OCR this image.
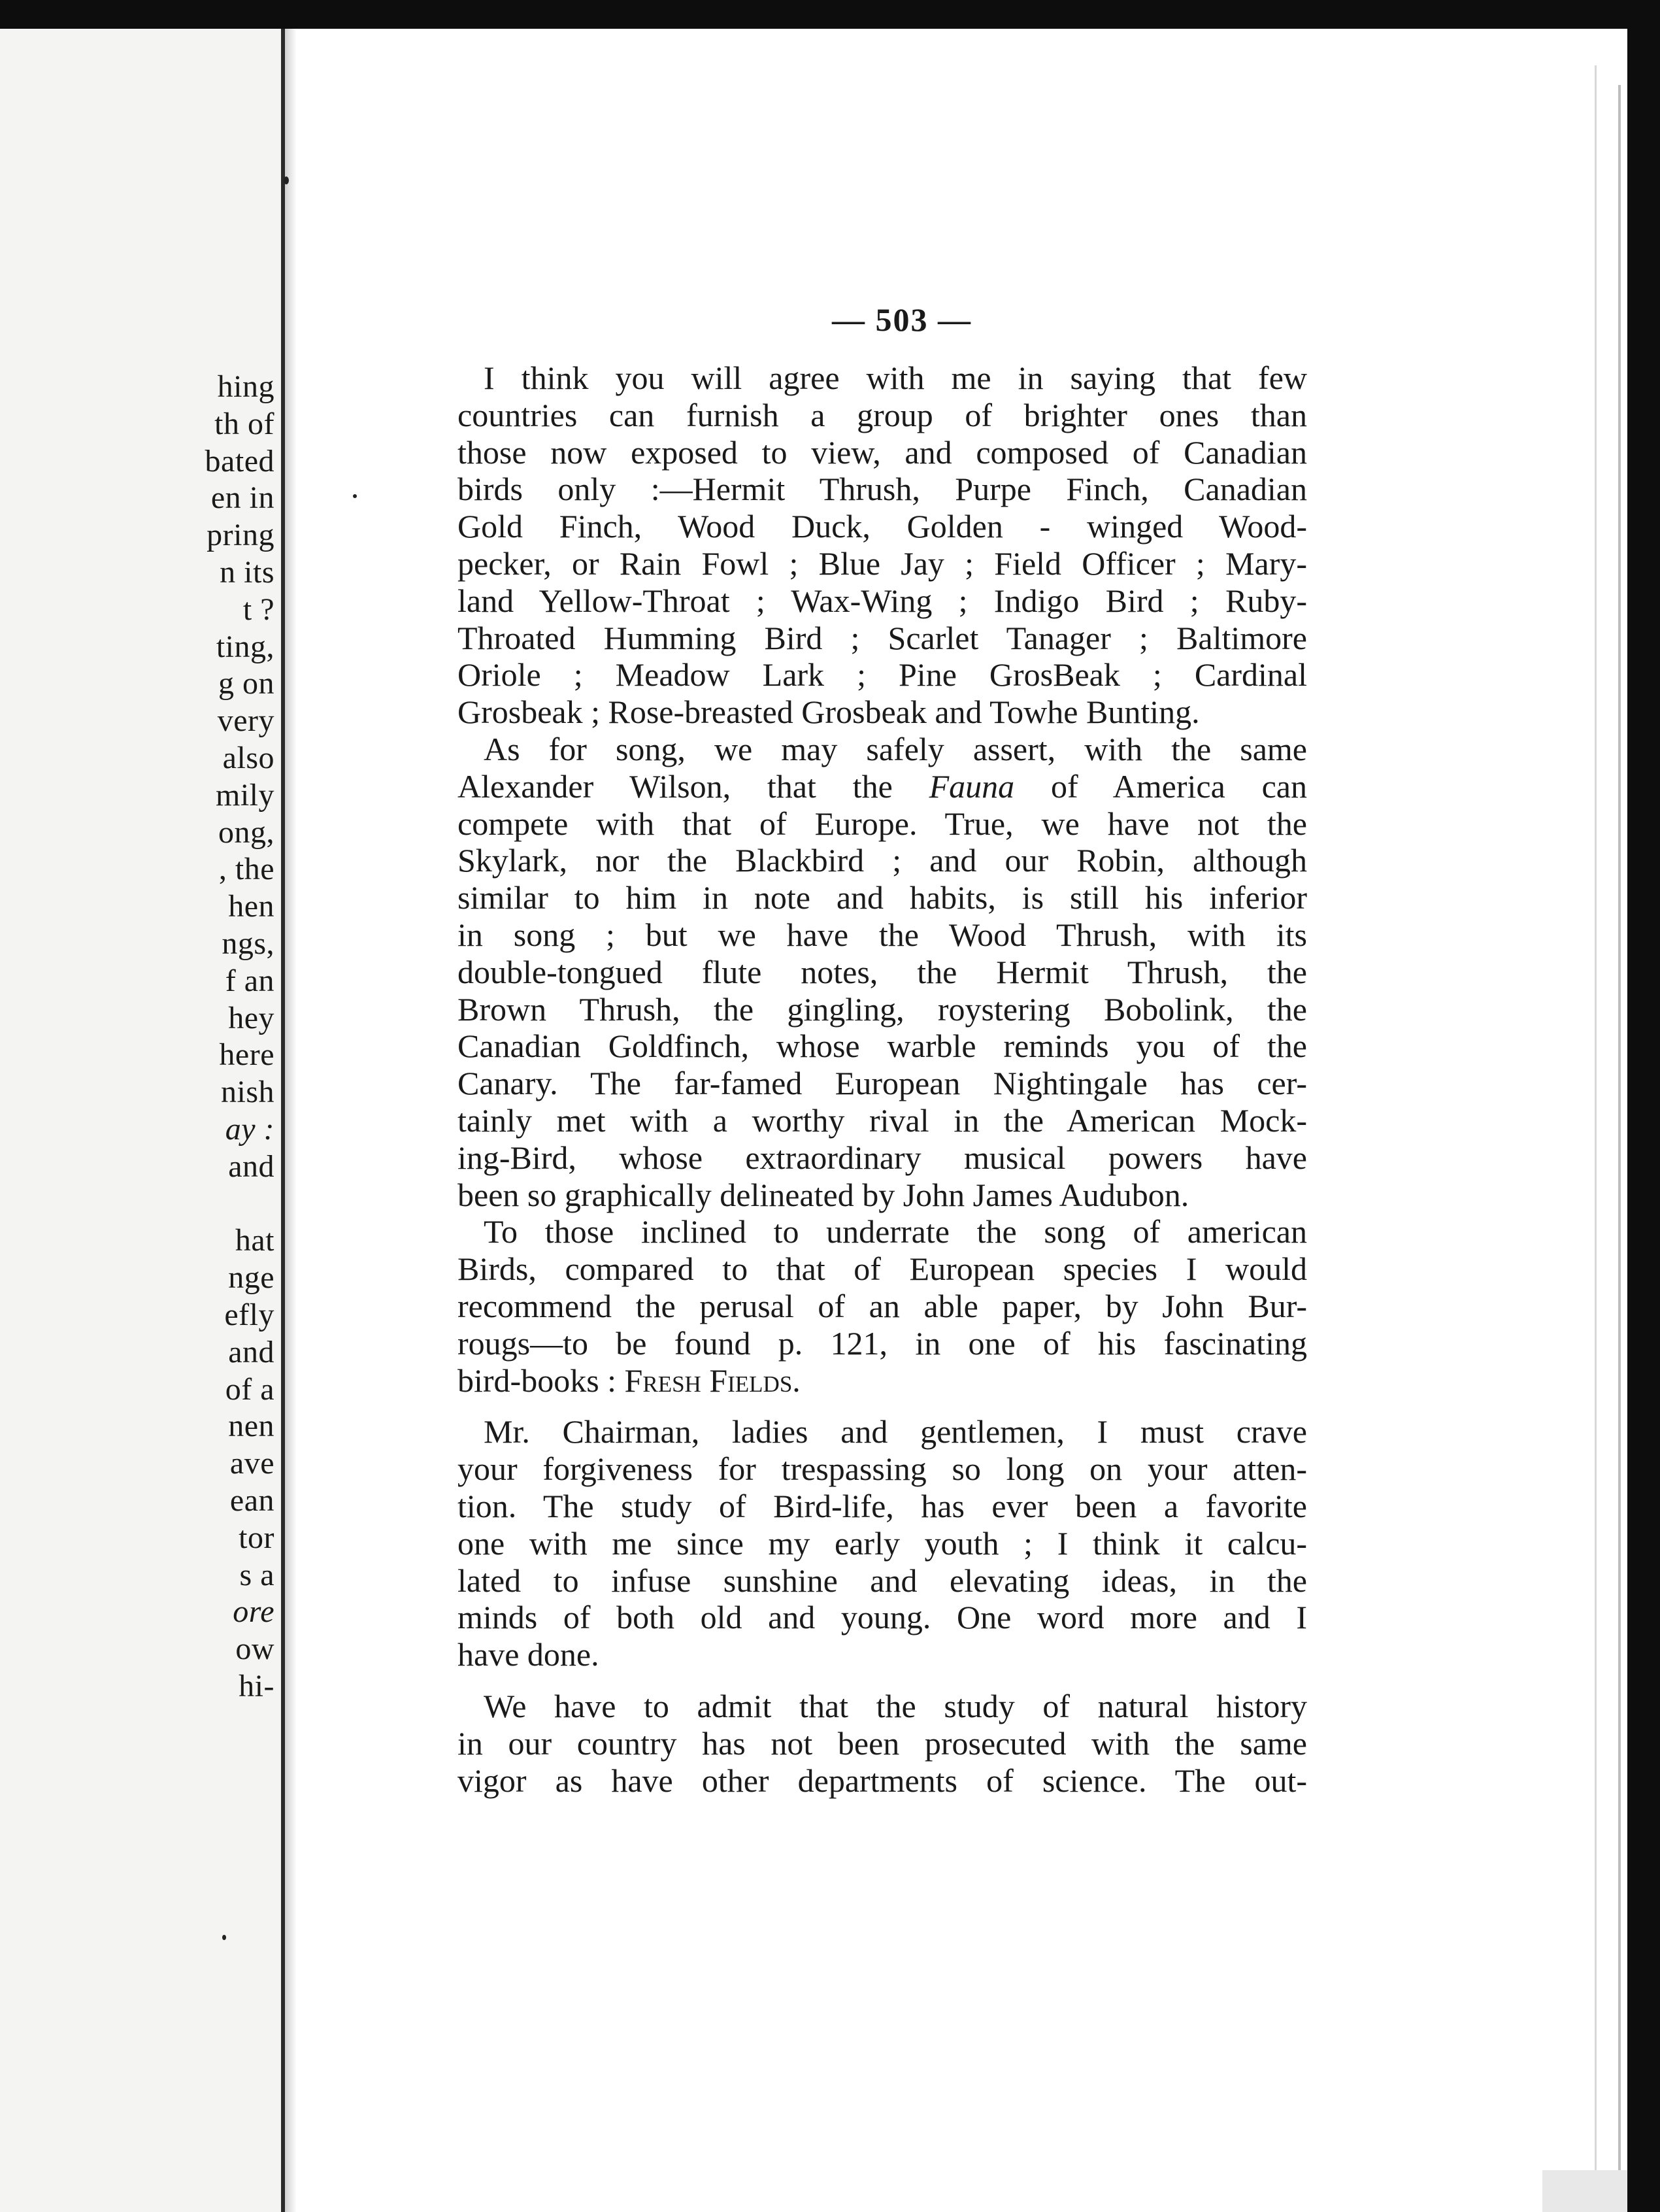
hing
th of
bated
en in
pring
n its
t ?
ting,
g on
very
also
mily
ong,
, the
hen
ngs,
f an
hey
here
nish
ay :
and
hat
nge
efly
and
of a
nen
ave
ean
tor
s a
ore
ow
hi-
— 503 —
I think you will agree with me in saying that few
countries can furnish a group of brighter ones than
those now exposed to view, and composed of Canadian
birds only :—Hermit Thrush, Purpe Finch, Canadian
Gold Finch, Wood Duck, Golden - winged Wood-
pecker, or Rain Fowl ; Blue Jay ; Field Officer ; Mary-
land Yellow-Throat ; Wax-Wing ; Indigo Bird ; Ruby-
Throated Humming Bird ; Scarlet Tanager ; Baltimore
Oriole ; Meadow Lark ; Pine GrosBeak ; Cardinal
Grosbeak ; Rose-breasted Grosbeak and Towhe Bunting.
As for song, we may safely assert, with the same
Alexander Wilson, that the Fauna of America can
compete with that of Europe. True, we have not the
Skylark, nor the Blackbird ; and our Robin, although
similar to him in note and habits, is still his inferior
in song ; but we have the Wood Thrush, with its
double-tongued flute notes, the Hermit Thrush, the
Brown Thrush, the gingling, roystering Bobolink, the
Canadian Goldfinch, whose warble reminds you of the
Canary. The far-famed European Nightingale has cer-
tainly met with a worthy rival in the American Mock-
ing-Bird, whose extraordinary musical powers have
been so graphically delineated by John James Audubon.
To those inclined to underrate the song of american
Birds, compared to that of European species I would
recommend the perusal of an able paper, by John Bur-
rougs—to be found p. 121, in one of his fascinating
bird-books : Fresh Fields.
Mr. Chairman, ladies and gentlemen, I must crave
your forgiveness for trespassing so long on your atten-
tion. The study of Bird-life, has ever been a favorite
one with me since my early youth ; I think it calcu-
lated to infuse sunshine and elevating ideas, in the
minds of both old and young. One word more and I
have done.
We have to admit that the study of natural history
in our country has not been prosecuted with the same
vigor as have other departments of science. The out-
